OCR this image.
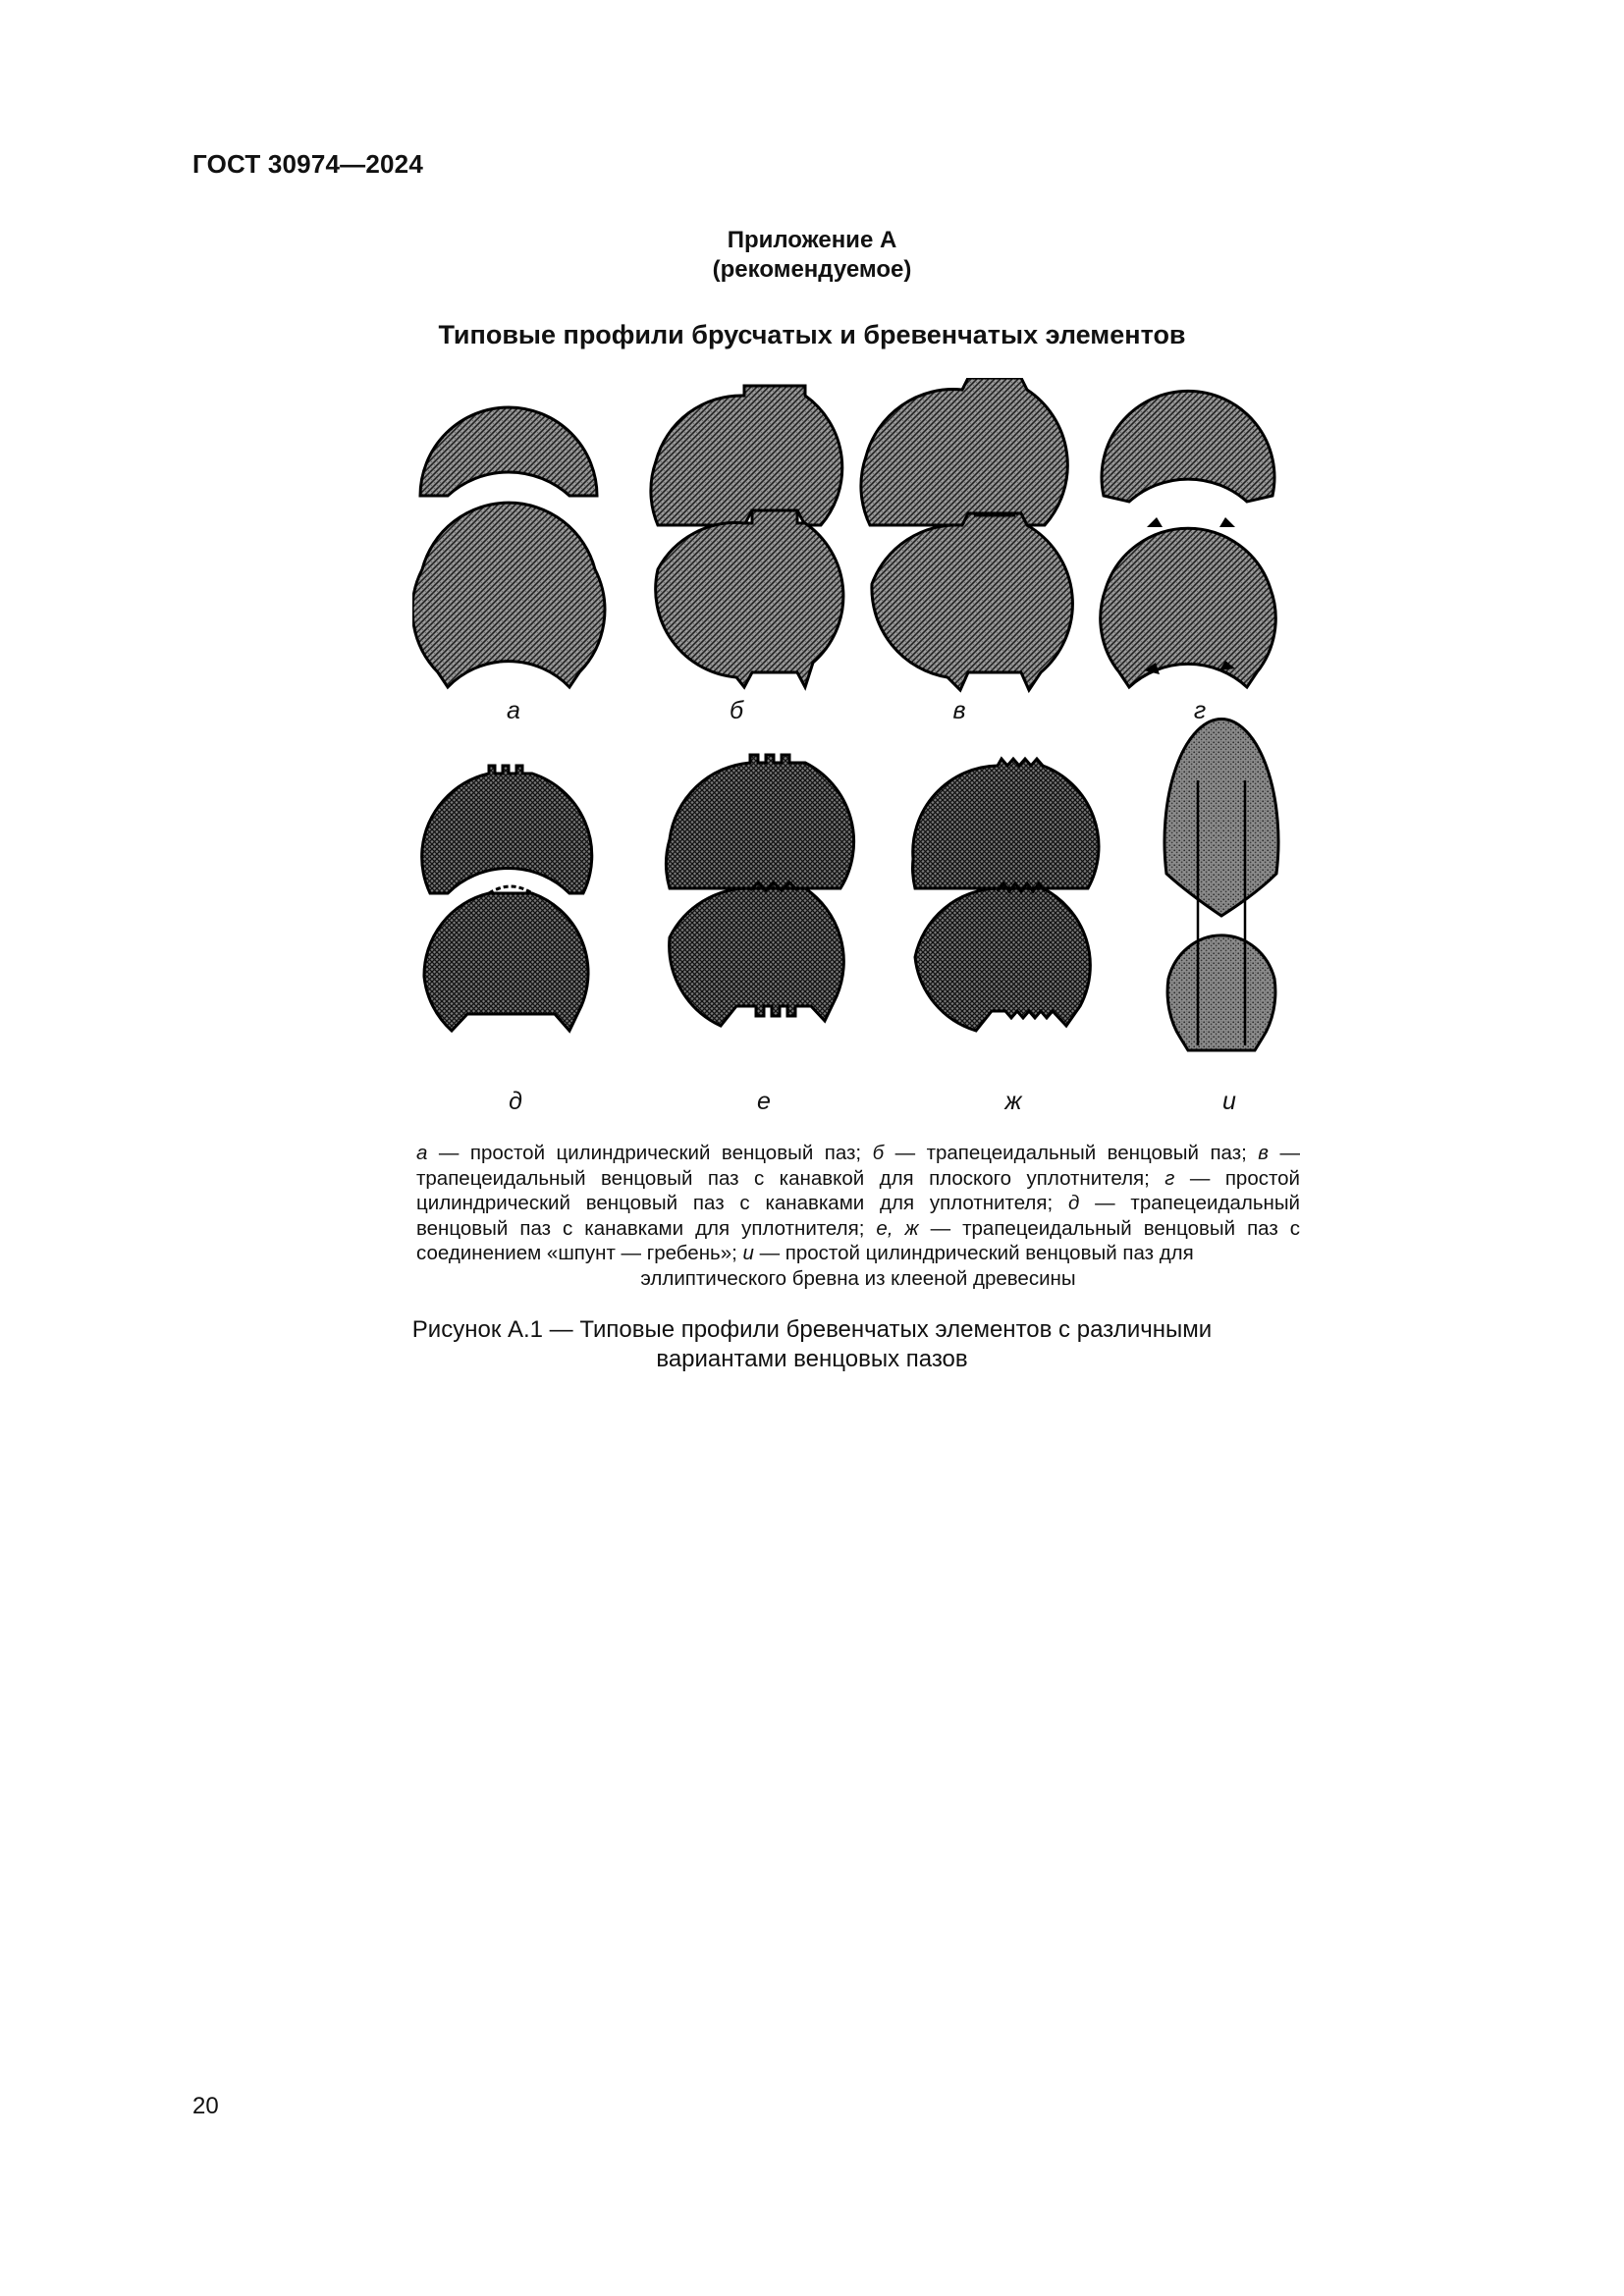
ГОСТ 30974—2024
Приложение А
(рекомендуемое)
Типовые профили брусчатых и бревенчатых элементов
а	б	в	г
д	е	ж	и
а — простой цилиндрический венцовый паз; б — трапецеидальный венцовый паз; в — трапецеидальный венцовый паз с канавкой для плоского уплотнителя; г — простой цилиндрический венцовый паз с канавками для уплотнителя; д — трапецеидальный венцовый паз с канавками для уплотнителя; е, ж — трапецеидальный венцовый паз с соединением «шпунт — гребень»; и — простой цилиндрический венцовый паз для
эллиптического бревна из клееной древесины
Рисунок А.1 — Типовые профили бревенчатых элементов с различными
вариантами венцовых пазов
20
